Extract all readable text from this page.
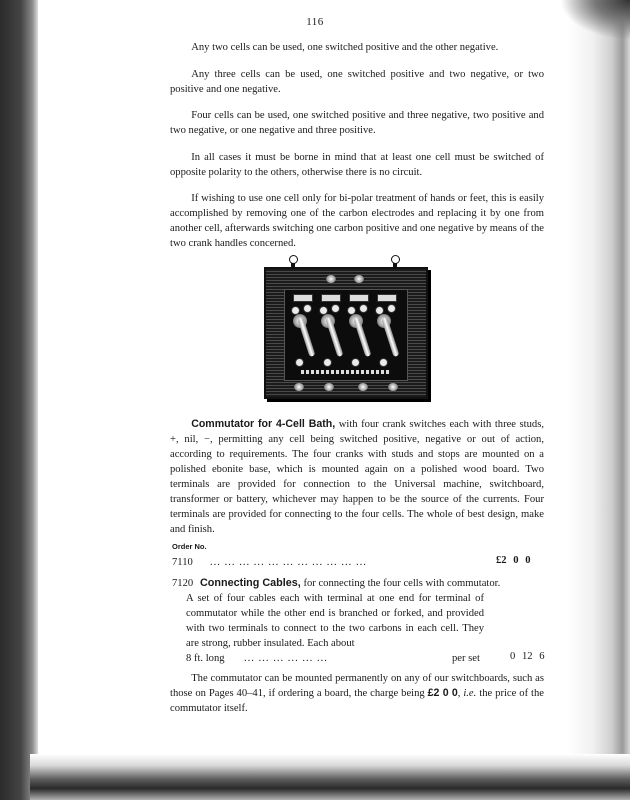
116
Any two cells can be used, one switched positive and the other negative.
Any three cells can be used, one switched positive and two negative, or two positive and one negative.
Four cells can be used, one switched positive and three negative, two positive and two negative, or one negative and three positive.
In all cases it must be borne in mind that at least one cell must be switched of opposite polarity to the others, otherwise there is no circuit.
If wishing to use one cell only for bi-polar treatment of hands or feet, this is easily accomplished by removing one of the carbon electrodes and replacing it by one from another cell, afterwards switching one carbon positive and one negative by means of the two crank handles concerned.
Commutator for 4-Cell Bath, with four crank switches each with three studs, +, nil, −, permitting any cell being switched positive, negative or out of action, according to requirements. The four cranks with studs and stops are mounted on a polished ebonite base, which is mounted again on a polished wood board. Two terminals are provided for connection to the Universal machine, switchboard, transformer or battery, whichever may happen to be the source of the currents. Four terminals are provided for connecting to the four cells. The whole of best design, make and finish.
Order No.
7110 ... ... ... ... ... ... ... ... ... ... ...	£2 0 0
7120 Connecting Cables, for connecting the four cells with commutator.
A set of four cables each with terminal at one end for terminal of commutator while the other end is branched or forked, and provided with two terminals to connect to the two carbons in each cell. They are strong, rubber insulated. Each about
8 ft. long ... ... ... ... ... ...	per set	0 12 6
The commutator can be mounted permanently on any of our switchboards, such as those on Pages 40–41, if ordering a board, the charge being £2 0 0, i.e. the price of the commutator itself.
